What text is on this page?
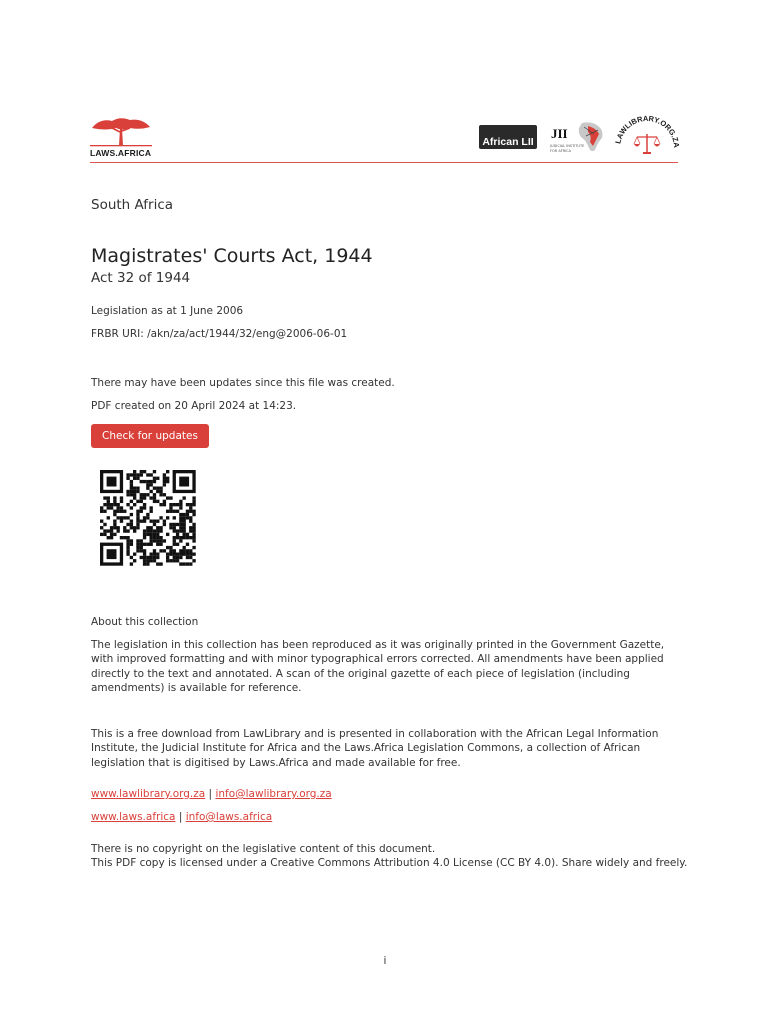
LAWS.AFRICA
African LII
JII
JUDICIAL INSTITUTE FOR AFRICA
LAWLIBRARY.ORG.ZA
South Africa
Magistrates' Courts Act, 1944
Act 32 of 1944
Legislation as at 1 June 2006
FRBR URI: /akn/za/act/1944/32/eng@2006-06-01
There may have been updates since this file was created.
PDF created on 20 April 2024 at 14:23.
Check for updates
About this collection

The legislation in this collection has been reproduced as it was originally printed in the Government Gazette, with improved formatting and with minor typographical errors corrected. All amendments have been applied directly to the text and annotated. A scan of the original gazette of each piece of legislation (including amendments) is available for reference.

This is a free download from LawLibrary and is presented in collaboration with the African Legal Information Institute, the Judicial Institute for Africa and the Laws.Africa Legislation Commons, a collection of African legislation that is digitised by Laws.Africa and made available for free.

www.lawlibrary.org.za | info@lawlibrary.org.za
www.laws.africa | info@laws.africa
There is no copyright on the legislative content of this document.
This PDF copy is licensed under a Creative Commons Attribution 4.0 License (CC BY 4.0). Share widely and freely.
i
